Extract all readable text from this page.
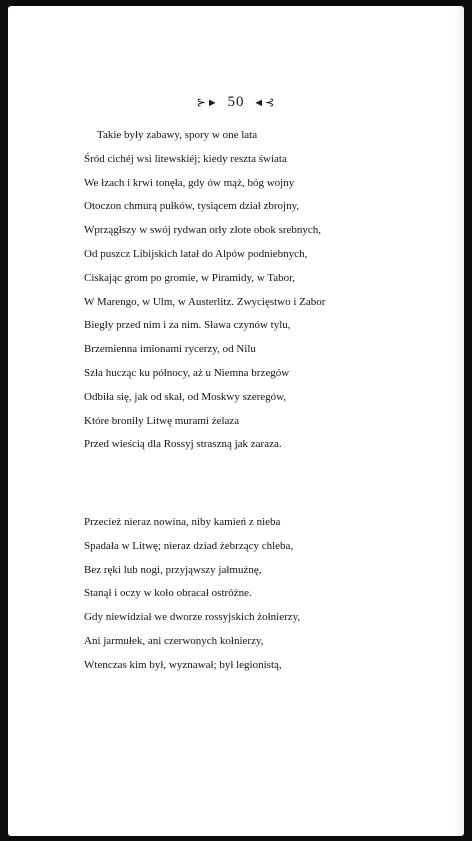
⊱► 50 ◄⊰
Takie były zabawy, spory w one lata
Śród cichéj wsi litewskiéj; kiedy reszta świata
We łzach i krwi tonęła, gdy ów mąż, bóg wojny
Otoczon chmurą pułków, tysiącem dział zbrojny,
Wprzągłszy w swój rydwan orły złote obok srebnych,
Od puszcz Libijskich latał do Alpów podniebnych,
Ciskając grom po gromie, w Piramidy, w Tabor,
W Marengo, w Ulm, w Austerlitz. Zwycięstwo i Zabor
Biegły przed nim i za nim. Sława czynów tylu,
Brzemienna imionami rycerzy, od Nilu
Szła hucząc ku północy, aż u Niemna brzegów
Odbiła się, jak od skał, od Moskwy szeregów,
Które broniły Litwę murami żelaza
Przed wieścią dla Rossyj straszną jak zaraza.
Przecież nieraz nowina, niby kamień z nieba
Spadała w Litwę; nieraz dziad żebrzący chleba,
Bez ręki lub nogi, przyjąwszy jałmużnę,
Stanął i oczy w koło obracał ostróżne.
Gdy niewidział we dworze rossyjskich żołnierzy,
Ani jarmułek, ani czerwonych kołnierzy,
Wtenczas kim był, wyznawał; był legionistą,
